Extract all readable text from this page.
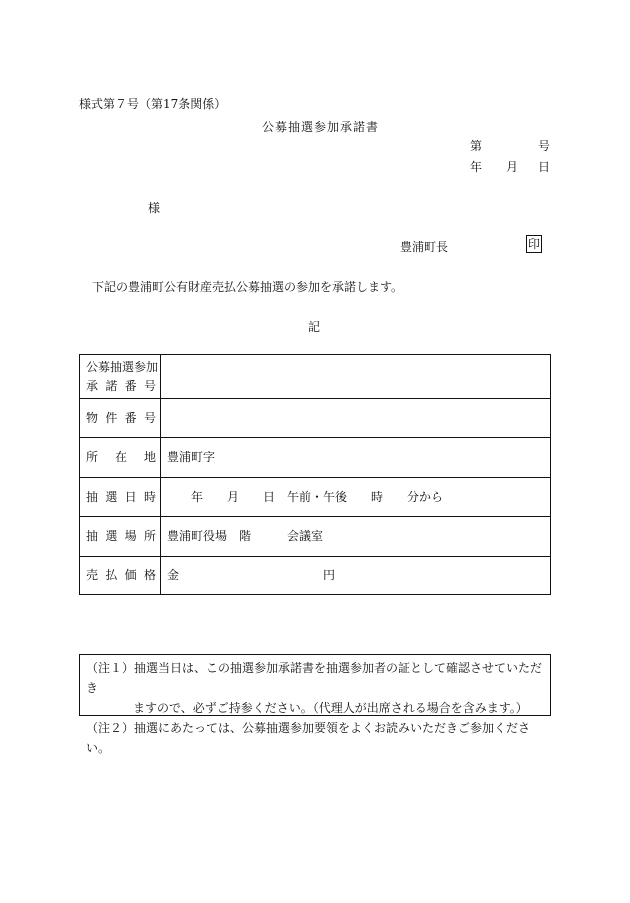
様式第７号（第17条関係）
公募抽選参加承諾書
第	号
年 月 日
様
豊浦町長	印
下記の豊浦町公有財産売払公募抽選の参加を承諾します。
記
公募抽選参加
承 諾 番 号	

物 件 番 号	

所 在 地	豊浦町字

抽 選 日 時	年　　月　　日　午前・午後　　時　　分から

抽 選 場 所	豊浦町役場　階　　　会議室

売 払 価 格	金　　　　　　　　　　　　円
（注１）抽選当日は、この抽選参加承諾書を抽選参加者の証として確認させていただき
ますので、必ずご持参ください。（代理人が出席される場合を含みます。）
（注２）抽選にあたっては、公募抽選参加要領をよくお読みいただきご参加ください。
